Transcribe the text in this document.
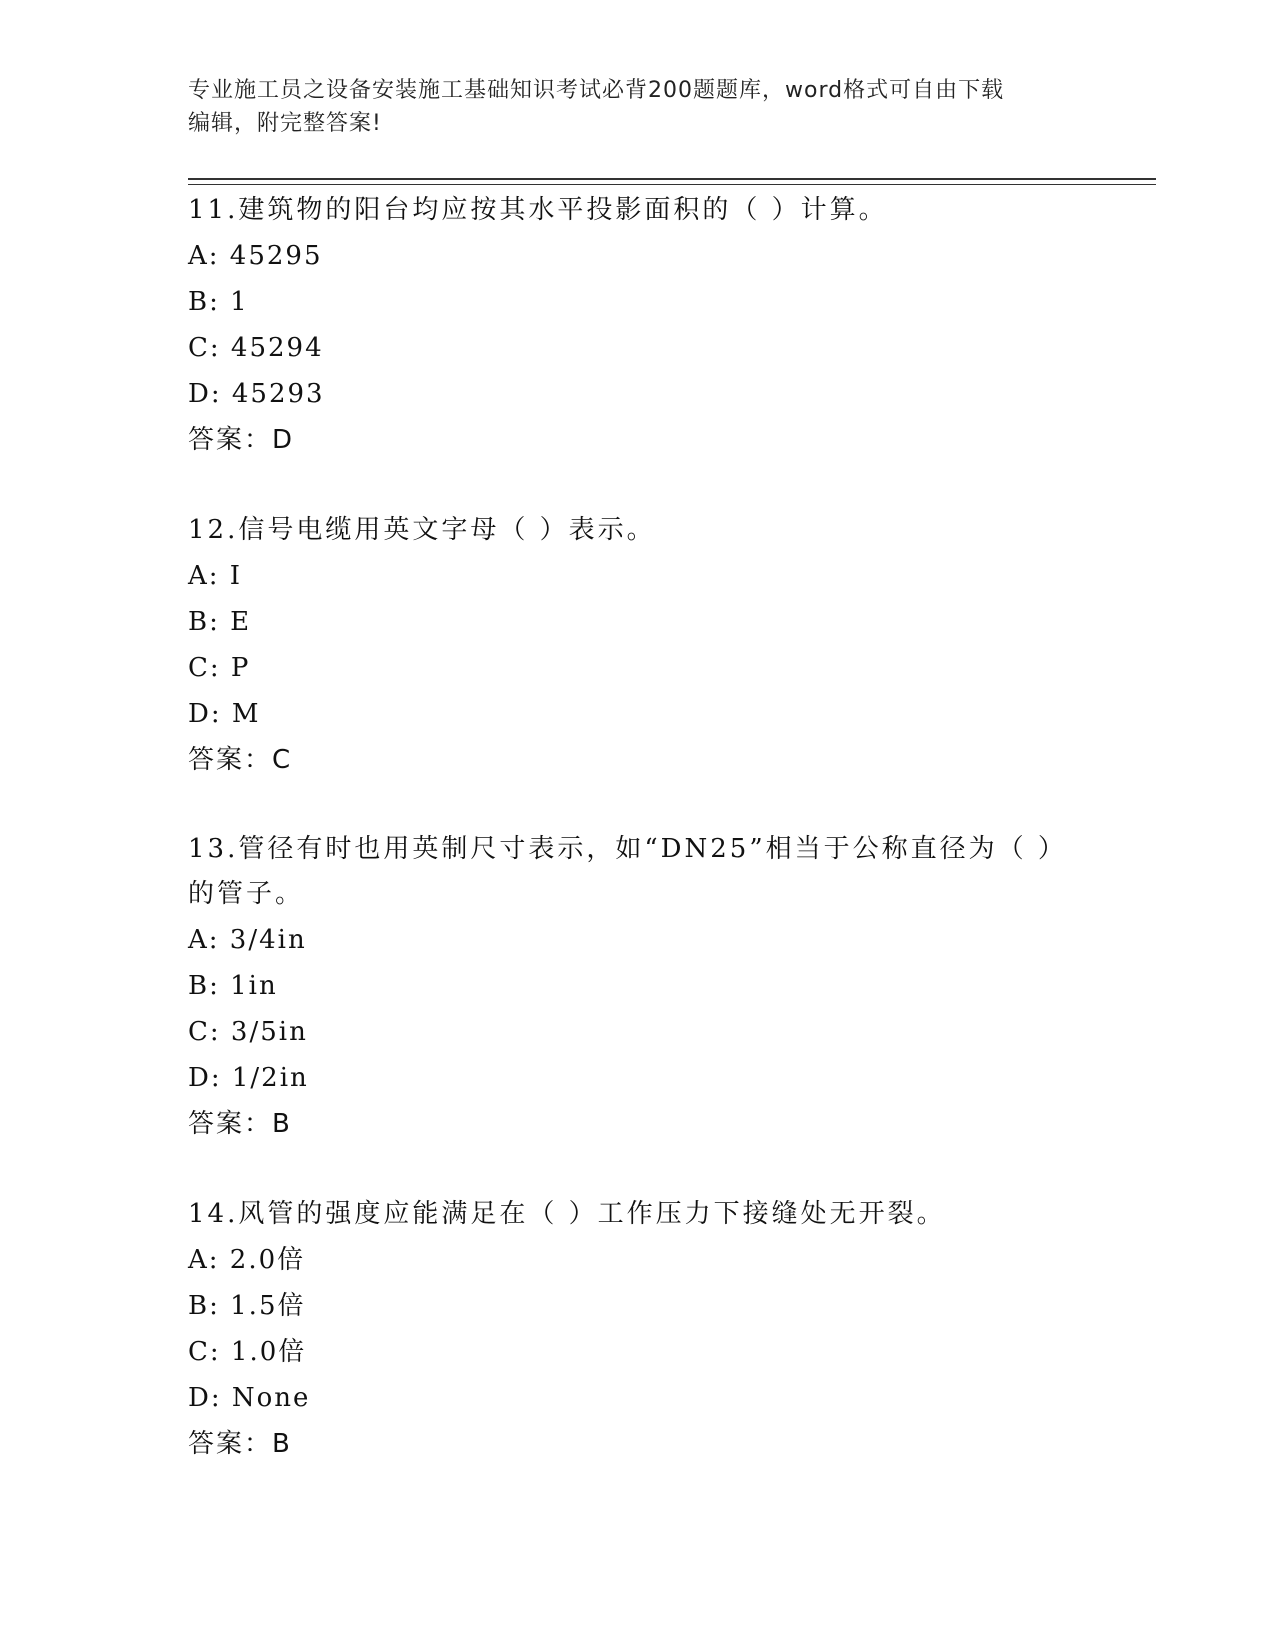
专业施工员之设备安装施工基础知识考试必背200题题库，word格式可自由下载
编辑，附完整答案!

11.建筑物的阳台均应按其水平投影面积的（ ）计算。

A: 45295

B: 1

C: 45294

D: 45293

答案：D

12.信号电缆用英文字母（ ）表示。

A: I

B: E

C: P

D: M

答案：C

13.管径有时也用英制尺寸表示，如“DN25”相当于公称直径为（ ）

的管子。

A: 3/4in

B: 1in

C: 3/5in

D: 1/2in

答案：B

14.风管的强度应能满足在（ ）工作压力下接缝处无开裂。

A: 2.0倍

B: 1.5倍

C: 1.0倍

D: None

答案：B
